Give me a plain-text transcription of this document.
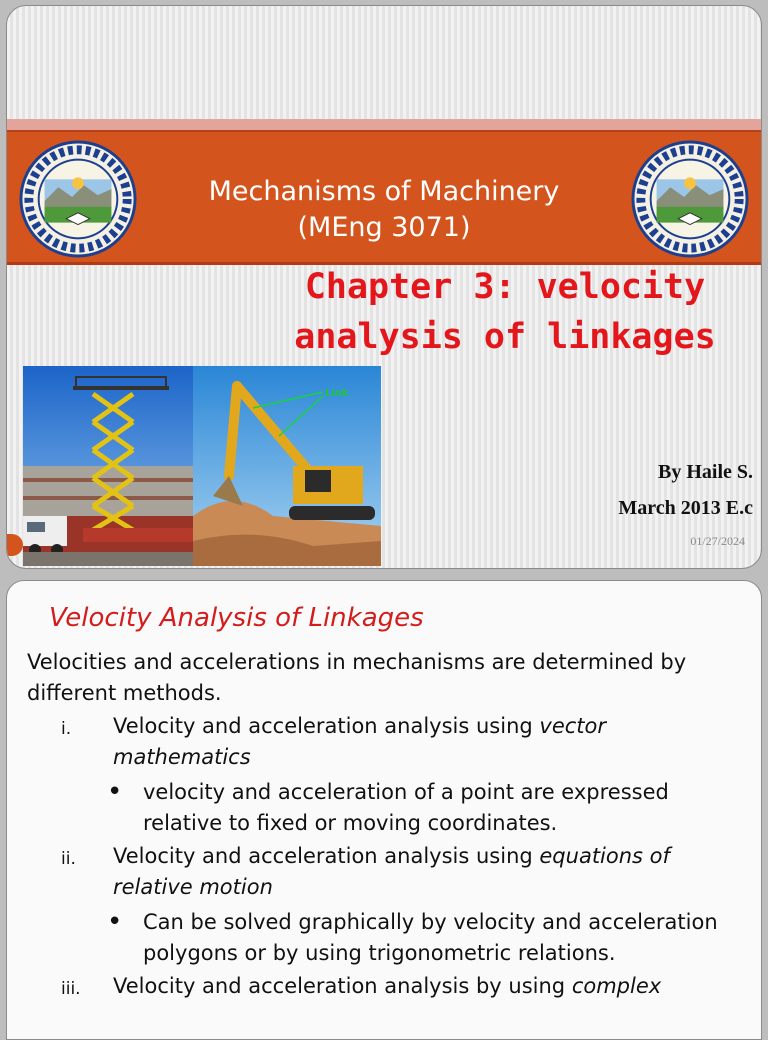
Mechanisms of Machinery
(MEng 3071)
Chapter 3: velocity
analysis of linkages
Link
By Haile S.
March 2013 E.c
01/27/2024
Velocity Analysis of Linkages
Velocities and accelerations in mechanisms are determined by different methods.
i. Velocity and acceleration analysis using vector mathematics
• velocity and acceleration of a point are expressed relative to fixed or moving coordinates.
ii. Velocity and acceleration analysis using equations of relative motion
• Can be solved graphically by velocity and acceleration polygons or by using trigonometric relations.
iii. Velocity and acceleration analysis by using complex
